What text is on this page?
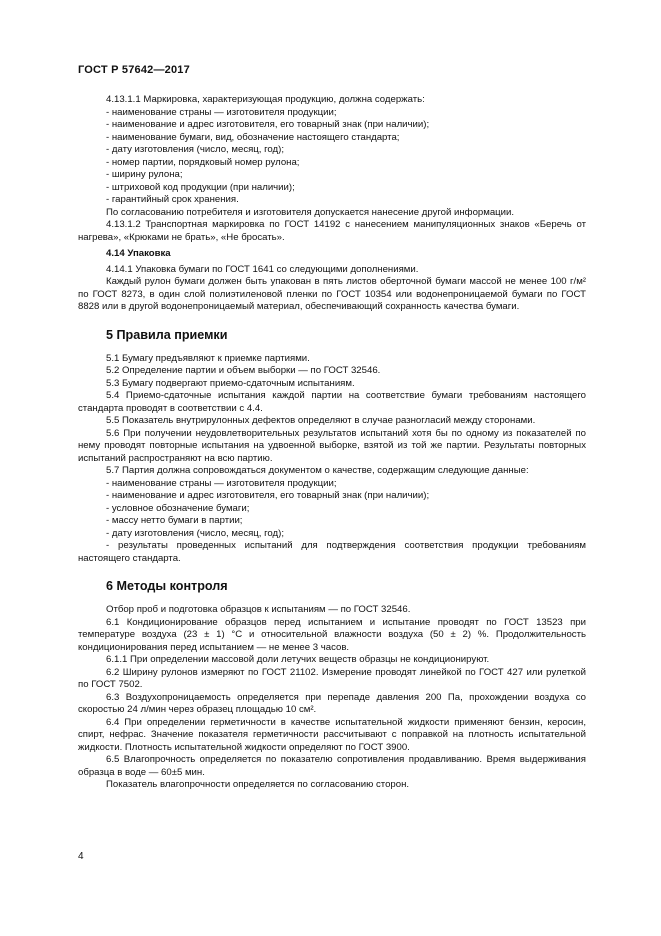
ГОСТ Р 57642—2017

4.13.1.1 Маркировка, характеризующая продукцию, должна содержать:

- наименование страны — изготовителя продукции;

- наименование и адрес изготовителя, его товарный знак (при наличии);

- наименование бумаги, вид, обозначение настоящего стандарта;

- дату изготовления (число, месяц, год);

- номер партии, порядковый номер рулона;

- ширину рулона;

- штриховой код продукции (при наличии);

- гарантийный срок хранения.

По согласованию потребителя и изготовителя допускается нанесение другой информации.

4.13.1.2 Транспортная маркировка по ГОСТ 14192 с нанесением манипуляционных знаков «Беречь от нагрева», «Крюками не брать», «Не бросать».

4.14 Упаковка

4.14.1 Упаковка бумаги по ГОСТ 1641 со следующими дополнениями.

Каждый рулон бумаги должен быть упакован в пять листов оберточной бумаги массой не менее 100 г/м² по ГОСТ 8273, в один слой полиэтиленовой пленки по ГОСТ 10354 или водонепроницаемой бумаги по ГОСТ 8828 или в другой водонепроницаемый материал, обеспечивающий сохранность качества бумаги.

5 Правила приемки

5.1 Бумагу предъявляют к приемке партиями.

5.2 Определение партии и объем выборки — по ГОСТ 32546.

5.3 Бумагу подвергают приемо-сдаточным испытаниям.

5.4 Приемо-сдаточные испытания каждой партии на соответствие бумаги требованиям настоящего стандарта проводят в соответствии с 4.4.

5.5 Показатель внутрирулонных дефектов определяют в случае разногласий между сторонами.

5.6 При получении неудовлетворительных результатов испытаний хотя бы по одному из показателей по нему проводят повторные испытания на удвоенной выборке, взятой из той же партии. Результаты повторных испытаний распространяют на всю партию.

5.7 Партия должна сопровождаться документом о качестве, содержащим следующие данные:

- наименование страны — изготовителя продукции;

- наименование и адрес изготовителя, его товарный знак (при наличии);

- условное обозначение бумаги;

- массу нетто бумаги в партии;

- дату изготовления (число, месяц, год);

- результаты проведенных испытаний для подтверждения соответствия продукции требованиям настоящего стандарта.

6 Методы контроля

Отбор проб и подготовка образцов к испытаниям — по ГОСТ 32546.

6.1 Кондиционирование образцов перед испытанием и испытание проводят по ГОСТ 13523 при температуре воздуха (23 ± 1) °С и относительной влажности воздуха (50 ± 2) %. Продолжительность кондиционирования перед испытанием — не менее 3 часов.

6.1.1 При определении массовой доли летучих веществ образцы не кондиционируют.

6.2 Ширину рулонов измеряют по ГОСТ 21102. Измерение проводят линейкой по ГОСТ 427 или рулеткой по ГОСТ 7502.

6.3 Воздухопроницаемость определяется при перепаде давления 200 Па, прохождении воздуха со скоростью 24 л/мин через образец площадью 10 см².

6.4 При определении герметичности в качестве испытательной жидкости применяют бензин, керосин, спирт, нефрас. Значение показателя герметичности рассчитывают с поправкой на плотность испытательной жидкости. Плотность испытательной жидкости определяют по ГОСТ 3900.

6.5 Влагопрочность определяется по показателю сопротивления продавливанию. Время выдерживания образца в воде — 60±5 мин.

Показатель влагопрочности определяется по согласованию сторон.

4
